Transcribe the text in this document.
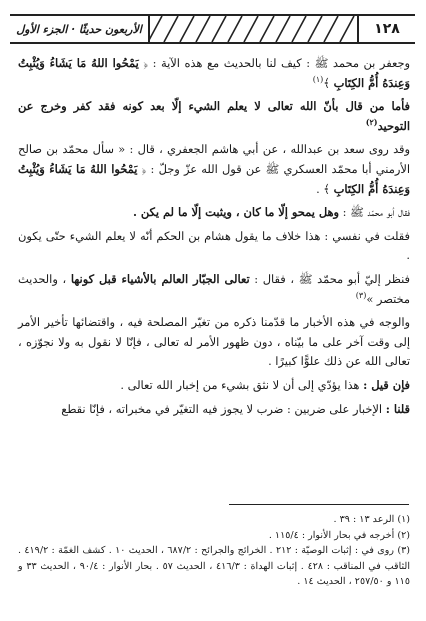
١٢٨
الأربعون حديثًا · الجزء الأول

وجعفر بن محمد ﷺ : كيف لنا بالحديث مع هذه الآية : ﴿ يَمْحُوا اللهُ مَا يَشَاءُ وَيُثْبِتُ وَعِندَهُ أُمُّ الكِتَابِ ﴾$^{(١)}$

فأما من قال بأنّ الله تعالى لا يعلم الشيء إلّا بعد كونه فقد كفر وخرج عن التوحيد$^{(٢)}$

وقد روى سعد بن عبدالله ، عن أبي هاشم الجعفري ، قال : « سأل محمّد بن صالح الأرمني أبا محمّد العسكري ﷺ عن قول الله عزّ وجلّ : ﴿ يَمْحُوا اللهُ مَا يَشَاءُ وَيُثْبِتُ وَعِندَهُ أُمُّ الكِتَابِ ﴾ .

فقال أبو محمّد ﷺ : وهل يمحو إلّا ما كان ، ويثبت إلّا ما لم يكن .

فقلت في نفسي : هذا خلاف ما يقول هشام بن الحكم أنّه لا يعلم الشيء حتّى يكون .

فنظر إليّ أبو محمّد ﷺ ، فقال : تعالى الجبّار العالم بالأشياء قبل كونها ، والحديث مختصر »$^{(٣)}$

والوجه في هذه الأخبار ما قدّمنا ذكره من تغيّر المصلحة فيه ، واقتضائها تأخير الأمر إلى وقت آخر على ما بيّناه ، دون ظهور الأمر له تعالى ، فإنّا لا نقول به ولا نجوّزه ، تعالى الله عن ذلك علوًّا كبيرًا .

فإن قيل : هذا يؤدّي إلى أن لا نثق بشيء من إخبار الله تعالى .

قلنا : الإخبار على ضربين : ضرب لا يجوز فيه التغيّر في مخبراته ، فإنّا نقطع

(١) الرعد ١٣ : ٣٩ .
(٢) أخرجه في بحار الأنوار : ١١٥/٤ .
(٣) روى في : إثبات الوصيّة : ٢١٢ . الخرائج والجرائح : ٦٨٧/٢ ، الحديث ١٠ . كشف الغمّة : ٤١٩/٢ . الثاقب في المناقب : ٤٢٨ . إثبات الهداة : ٤١٦/٣ ، الحديث ٥٧ . بحار الأنوار : ٩٠/٤ ، الحديث ٣٣ و ١١٥ و ٢٥٧/٥٠ ، الحديث ١٤ .
